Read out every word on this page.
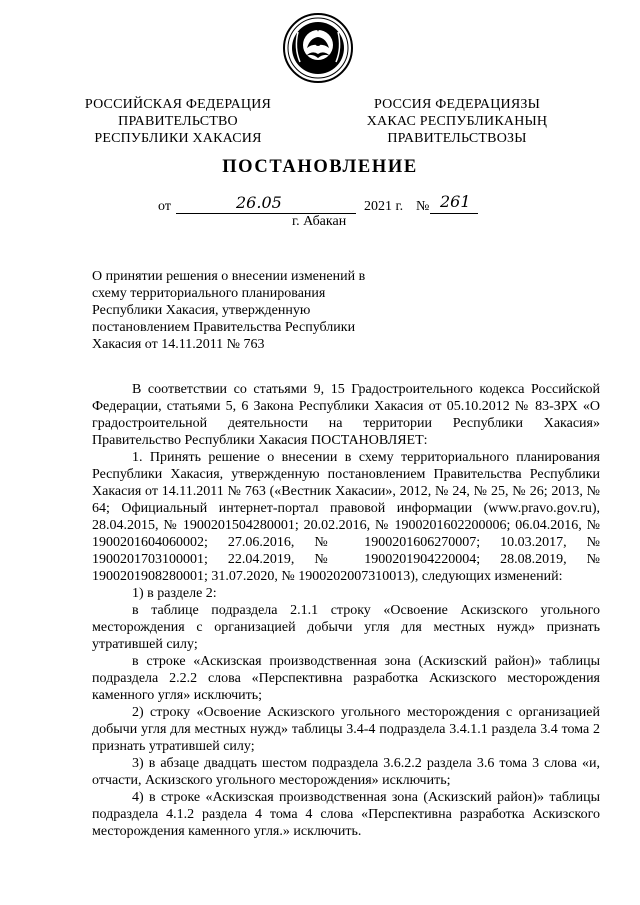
РОССИЙСКАЯ ФЕДЕРАЦИЯ
ПРАВИТЕЛЬСТВО
РЕСПУБЛИКИ ХАКАСИЯ
РОССИЯ ФЕДЕРАЦИЯЗЫ
ХАКАС РЕСПУБЛИКАНЫҢ
ПРАВИТЕЛЬСТВОЗЫ
ПОСТАНОВЛЕНИЕ
от	26.05	2021 г. № 261
г. Абакан

О принятии решения о внесении изменений в

схему территориального планирования

Республики Хакасия, утвержденную

постановлением Правительства Республики

Хакасия от 14.11.2011 № 763

В соответствии со статьями 9, 15 Градостроительного кодекса Российской Федерации, статьями 5, 6 Закона Республики Хакасия от 05.10.2012 № 83-ЗРХ «О градостроительной деятельности на территории Республики Хакасия» Правительство Республики Хакасия ПОСТАНОВЛЯЕТ:

1. Принять решение о внесении в схему территориального планирования Республики Хакасия, утвержденную постановлением Правительства Республики Хакасия от 14.11.2011 № 763 («Вестник Хакасии», 2012, № 24, № 25, № 26; 2013, № 64; Официальный интернет-портал правовой информации (www.pravo.gov.ru), 28.04.2015, № 1900201504280001; 20.02.2016, № 1900201602200006; 06.04.2016, № 1900201604060002; 27.06.2016, № 1900201606270007; 10.03.2017, № 1900201703100001; 22.04.2019, № 1900201904220004; 28.08.2019, № 1900201908280001; 31.07.2020, № 1900202007310013), следующих изменений:

1) в разделе 2:

в таблице подраздела 2.1.1 строку «Освоение Аскизского угольного месторождения с организацией добычи угля для местных нужд» признать утратившей силу;

в строке «Аскизская производственная зона (Аскизский район)» таблицы подраздела 2.2.2 слова «Перспективна разработка Аскизского месторождения каменного угля» исключить;

2) строку «Освоение Аскизского угольного месторождения с организацией добычи угля для местных нужд» таблицы 3.4-4 подраздела 3.4.1.1 раздела 3.4 тома 2 признать утратившей силу;

3) в абзаце двадцать шестом подраздела 3.6.2.2 раздела 3.6 тома 3 слова «и, отчасти, Аскизского угольного месторождения» исключить;

4) в строке «Аскизская производственная зона (Аскизский район)» таблицы подраздела 4.1.2 раздела 4 тома 4 слова «Перспективна разработка Аскизского месторождения каменного угля.» исключить.
